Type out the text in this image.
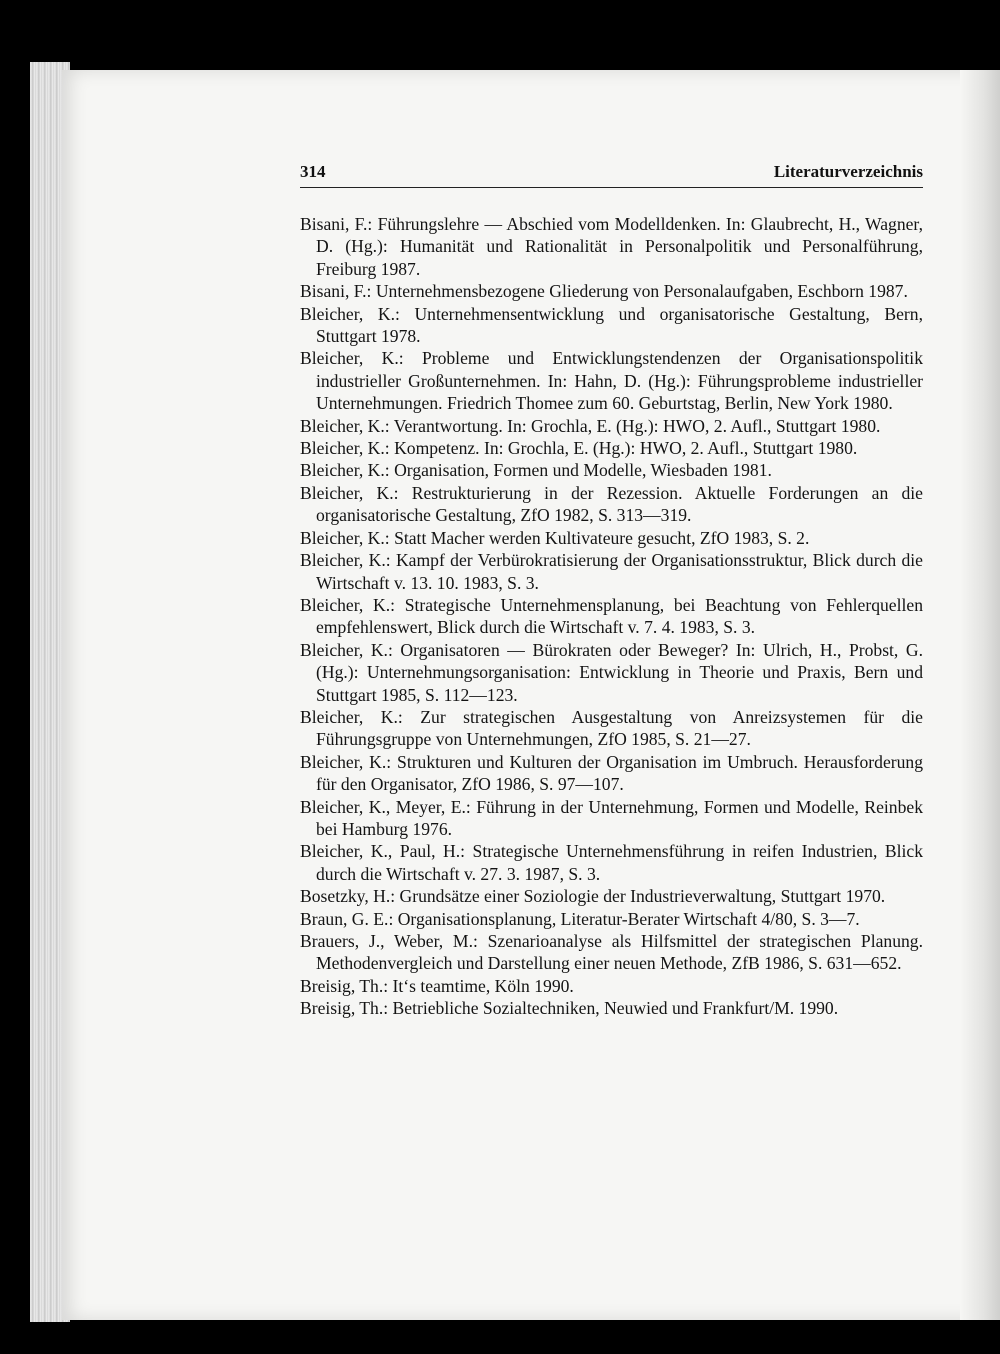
314	Literaturverzeichnis
Bisani, F.: Führungslehre — Abschied vom Modelldenken. In: Glaubrecht, H., Wagner, D. (Hg.): Humanität und Rationalität in Personalpolitik und Personalführung, Freiburg 1987.
Bisani, F.: Unternehmensbezogene Gliederung von Personalaufgaben, Eschborn 1987.
Bleicher, K.: Unternehmensentwicklung und organisatorische Gestaltung, Bern, Stuttgart 1978.
Bleicher, K.: Probleme und Entwicklungstendenzen der Organisationspolitik industrieller Großunternehmen. In: Hahn, D. (Hg.): Führungsprobleme industrieller Unternehmungen. Friedrich Thomee zum 60. Geburtstag, Berlin, New York 1980.
Bleicher, K.: Verantwortung. In: Grochla, E. (Hg.): HWO, 2. Aufl., Stuttgart 1980.
Bleicher, K.: Kompetenz. In: Grochla, E. (Hg.): HWO, 2. Aufl., Stuttgart 1980.
Bleicher, K.: Organisation, Formen und Modelle, Wiesbaden 1981.
Bleicher, K.: Restrukturierung in der Rezession. Aktuelle Forderungen an die organisatorische Gestaltung, ZfO 1982, S. 313—319.
Bleicher, K.: Statt Macher werden Kultivateure gesucht, ZfO 1983, S. 2.
Bleicher, K.: Kampf der Verbürokratisierung der Organisationsstruktur, Blick durch die Wirtschaft v. 13. 10. 1983, S. 3.
Bleicher, K.: Strategische Unternehmensplanung, bei Beachtung von Fehlerquellen empfehlenswert, Blick durch die Wirtschaft v. 7. 4. 1983, S. 3.
Bleicher, K.: Organisatoren — Bürokraten oder Beweger? In: Ulrich, H., Probst, G. (Hg.): Unternehmungsorganisation: Entwicklung in Theorie und Praxis, Bern und Stuttgart 1985, S. 112—123.
Bleicher, K.: Zur strategischen Ausgestaltung von Anreizsystemen für die Führungsgruppe von Unternehmungen, ZfO 1985, S. 21—27.
Bleicher, K.: Strukturen und Kulturen der Organisation im Umbruch. Herausforderung für den Organisator, ZfO 1986, S. 97—107.
Bleicher, K., Meyer, E.: Führung in der Unternehmung, Formen und Modelle, Reinbek bei Hamburg 1976.
Bleicher, K., Paul, H.: Strategische Unternehmensführung in reifen Industrien, Blick durch die Wirtschaft v. 27. 3. 1987, S. 3.
Bosetzky, H.: Grundsätze einer Soziologie der Industrieverwaltung, Stuttgart 1970.
Braun, G. E.: Organisationsplanung, Literatur-Berater Wirtschaft 4/80, S. 3—7.
Brauers, J., Weber, M.: Szenarioanalyse als Hilfsmittel der strategischen Planung. Methodenvergleich und Darstellung einer neuen Methode, ZfB 1986, S. 631—652.
Breisig, Th.: It‘s teamtime, Köln 1990.
Breisig, Th.: Betriebliche Sozialtechniken, Neuwied und Frankfurt/M. 1990.
